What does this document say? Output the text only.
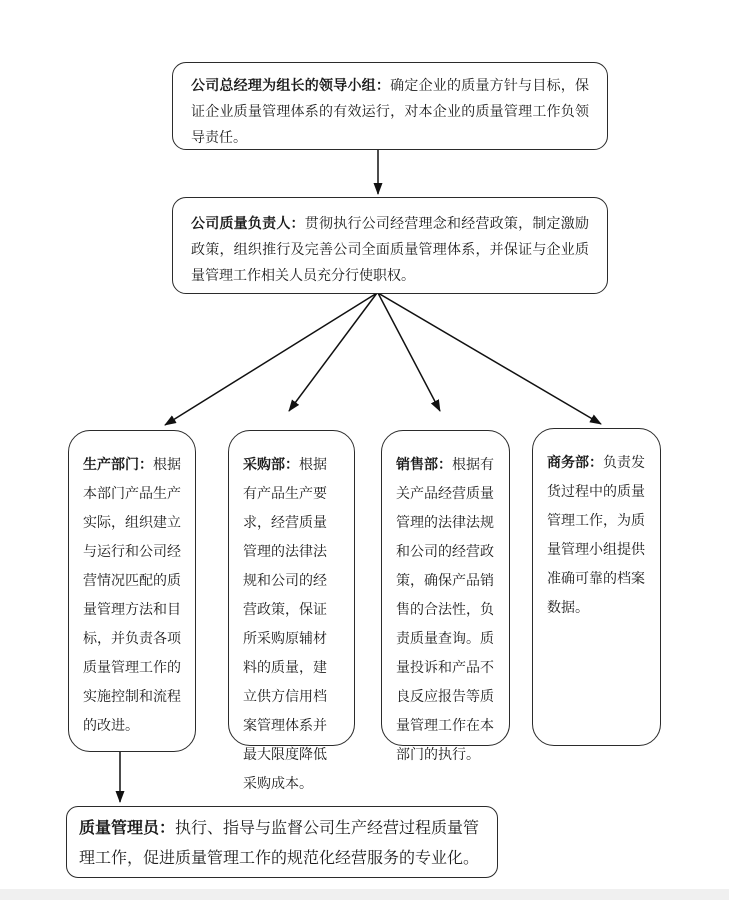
公司总经理为组长的领导小组：确定企业的质量方针与目标，保证企业质量管理体系的有效运行，对本企业的质量管理工作负领导责任。
公司质量负责人：贯彻执行公司经营理念和经营政策，制定激励政策，组织推行及完善公司全面质量管理体系，并保证与企业质量管理工作相关人员充分行使职权。
生产部门：根据本部门产品生产实际，组织建立与运行和公司经营情况匹配的质量管理方法和目标，并负责各项质量管理工作的实施控制和流程的改进。
采购部：根据有产品生产要求，经营质量管理的法律法规和公司的经营政策，保证所采购原辅材料的质量，建立供方信用档案管理体系并最大限度降低采购成本。
销售部：根据有关产品经营质量管理的法律法规和公司的经营政策，确保产品销售的合法性，负责质量查询。质量投诉和产品不良反应报告等质量管理工作在本部门的执行。
商务部：负责发货过程中的质量管理工作，为质量管理小组提供准确可靠的档案数据。
质量管理员：执行、指导与监督公司生产经营过程质量管理工作，促进质量管理工作的规范化经营服务的专业化。
